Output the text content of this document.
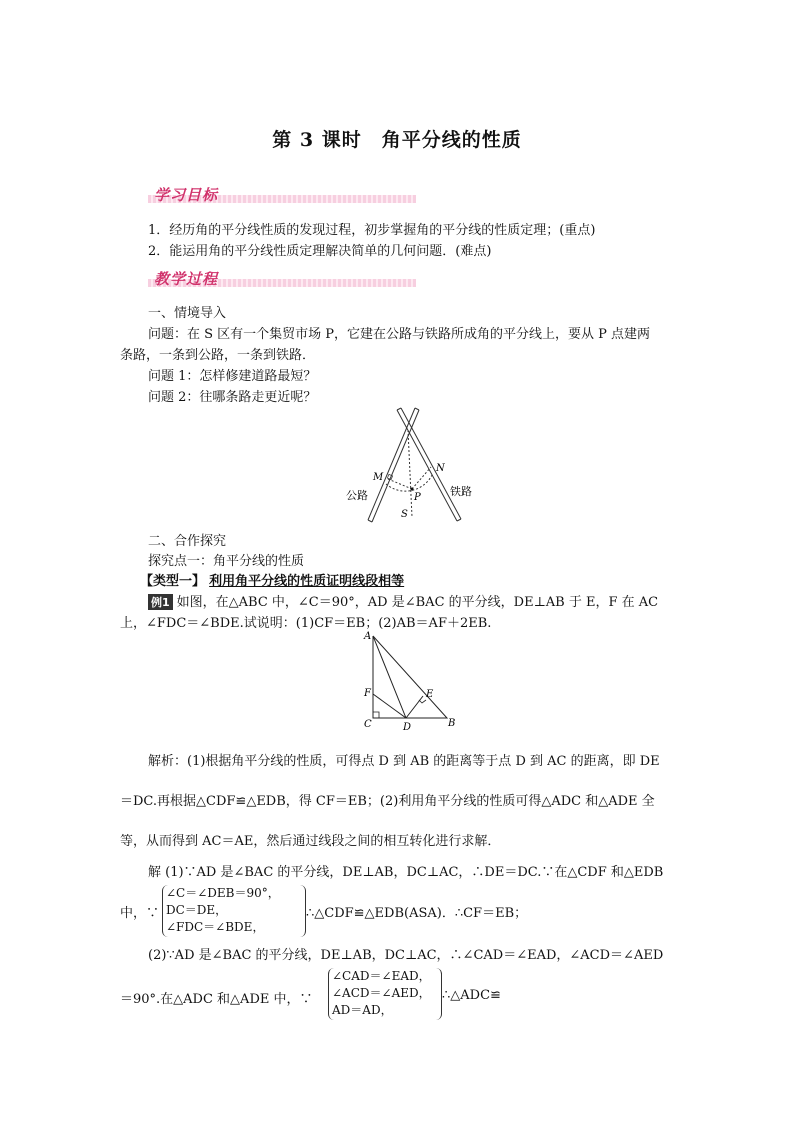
第 3 课时　角平分线的性质
学习目标
1．经历角的平分线性质的发现过程，初步掌握角的平分线的性质定理；(重点)
2．能运用角的平分线性质定理解决简单的几何问题．(难点)
教学过程
一、情境导入
问题：在 S 区有一个集贸市场 P，它建在公路与铁路所成角的平分线上，要从 P 点建两
条路，一条到公路，一条到铁路．
问题 1：怎样修建道路最短？
问题 2：往哪条路走更近呢？
M
N
P
S
公路	铁路
二、合作探究
探究点一：角平分线的性质
【类型一】 利用角平分线的性质证明线段相等
例1 如图，在△ABC 中，∠C＝90°，AD 是∠BAC 的平分线，DE⊥AB 于 E，F 在 AC
上，∠FDC＝∠BDE.试说明：(1)CF＝EB；(2)AB＝AF＋2EB.
A
B
C	D
E
F
解析：(1)根据角平分线的性质，可得点 D 到 AB 的距离等于点 D 到 AC 的距离，即 DE
＝DC.再根据△CDF≌△EDB，得 CF＝EB；(2)利用角平分线的性质可得△ADC 和△ADE 全
等，从而得到 AC＝AE，然后通过线段之间的相互转化进行求解．
解 (1)∵AD 是∠BAC 的平分线，DE⊥AB，DC⊥AC，∴DE＝DC.∵在△CDF 和△EDB
中，∵
∠C＝∠DEB＝90°，
DC＝DE，
∠FDC＝∠BDE，
∴△CDF≌△EDB(ASA)．∴CF＝EB；
(2)∵AD 是∠BAC 的平分线，DE⊥AB，DC⊥AC，∴∠CAD＝∠EAD，∠ACD＝∠AED
＝90°.在△ADC 和△ADE 中，∵
∠CAD＝∠EAD，
∠ACD＝∠AED，
AD＝AD，
∴△ADC≌
